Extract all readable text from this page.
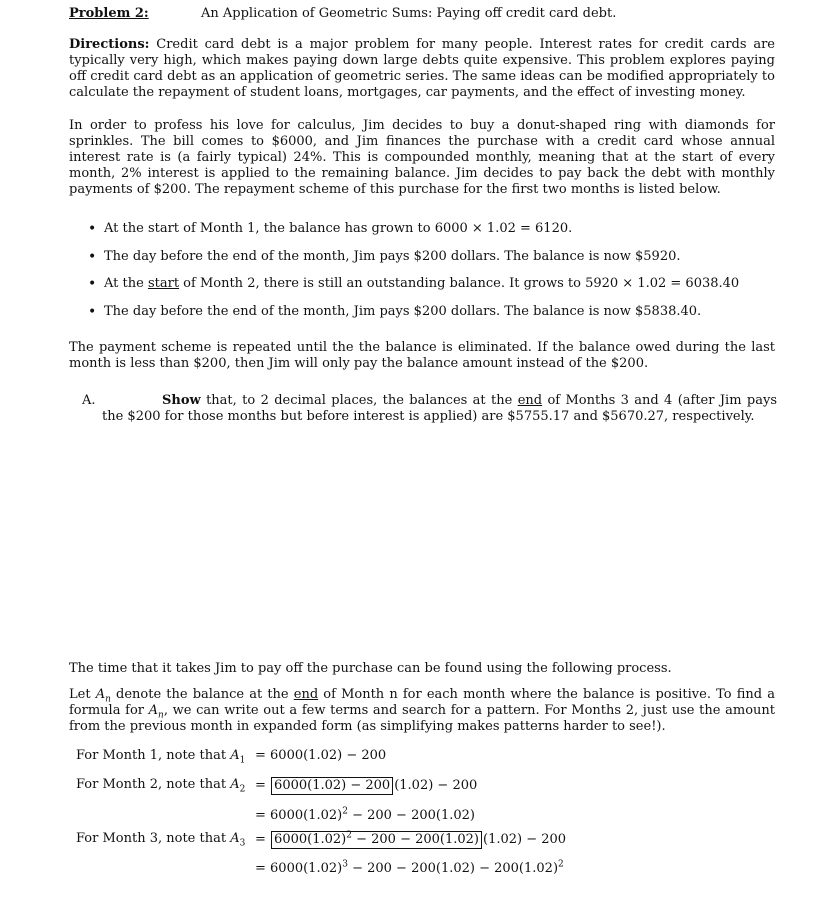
Problem 2:	An Application of Geometric Sums: Paying off credit card debt.
Directions: Credit card debt is a major problem for many people. Interest rates for credit cards are typically very high, which makes paying down large debts quite expensive. This problem explores paying off credit card debt as an application of geometric series. The same ideas can be modified appropriately to calculate the repayment of student loans, mortgages, car payments, and the effect of investing money.
In order to profess his love for calculus, Jim decides to buy a donut-shaped ring with diamonds for sprinkles. The bill comes to $6000, and Jim finances the purchase with a credit card whose annual interest rate is (a fairly typical) 24%. This is compounded monthly, meaning that at the start of every month, 2% interest is applied to the remaining balance. Jim decides to pay back the debt with monthly payments of $200. The repayment scheme of this purchase for the first two months is listed below.
• At the start of Month 1, the balance has grown to 6000 × 1.02 = 6120.
• The day before the end of the month, Jim pays $200 dollars. The balance is now $5920.
• At the start of Month 2, there is still an outstanding balance. It grows to 5920 × 1.02 = 6038.40
• The day before the end of the month, Jim pays $200 dollars. The balance is now $5838.40.
The payment scheme is repeated until the the balance is eliminated. If the balance owed during the last month is less than $200, then Jim will only pay the balance amount instead of the $200.
A.	Show that, to 2 decimal places, the balances at the end of Months 3 and 4 (after Jim pays the $200 for those months but before interest is applied) are $5755.17 and $5670.27, respectively.
The time that it takes Jim to pay off the purchase can be found using the following process.
Let $A_n$ denote the balance at the end of Month n for each month where the balance is positive. To find a formula for $A_n$, we can write out a few terms and search for a pattern. For Months 2, just use the amount from the previous month in expanded form (as simplifying makes patterns harder to see!).
For Month 1, note that $A_1 = 6000(1.02) - 200$
For Month 2, note that $A_2 = 6000(1.02) - 200$ (1.02) − 200
= $6000(1.02)^2 - 200 - 200(1.02)$
For Month 3, note that $A_3 = 6000(1.02)^2 - 200 - 200(1.02) (1.02) - 200$
= $6000(1.02)^3 - 200 - 200(1.02) - 200(1.02)^2$
